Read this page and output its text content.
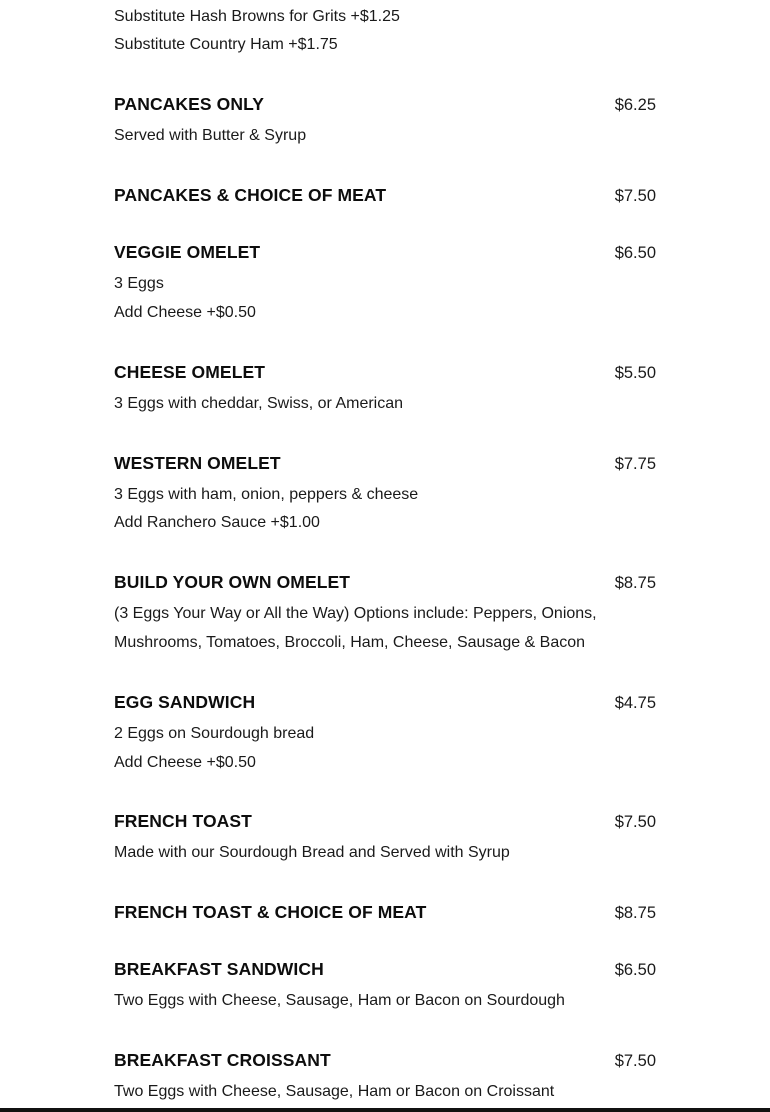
Substitute Hash Browns for Grits +$1.25
Substitute Country Ham +$1.75
PANCAKES ONLY	$6.25
Served with Butter & Syrup
PANCAKES & CHOICE OF MEAT	$7.50
VEGGIE OMELET	$6.50
3 Eggs
Add Cheese +$0.50
CHEESE OMELET	$5.50
3 Eggs with cheddar, Swiss, or American
WESTERN OMELET	$7.75
3 Eggs with ham, onion, peppers & cheese
Add Ranchero Sauce +$1.00
BUILD YOUR OWN OMELET	$8.75
(3 Eggs Your Way or All the Way) Options include: Peppers, Onions,
Mushrooms, Tomatoes, Broccoli, Ham, Cheese, Sausage & Bacon
EGG SANDWICH	$4.75
2 Eggs on Sourdough bread
Add Cheese +$0.50
FRENCH TOAST	$7.50
Made with our Sourdough Bread and Served with Syrup
FRENCH TOAST & CHOICE OF MEAT	$8.75
BREAKFAST SANDWICH	$6.50
Two Eggs with Cheese, Sausage, Ham or Bacon on Sourdough
BREAKFAST CROISSANT	$7.50
Two Eggs with Cheese, Sausage, Ham or Bacon on Croissant
